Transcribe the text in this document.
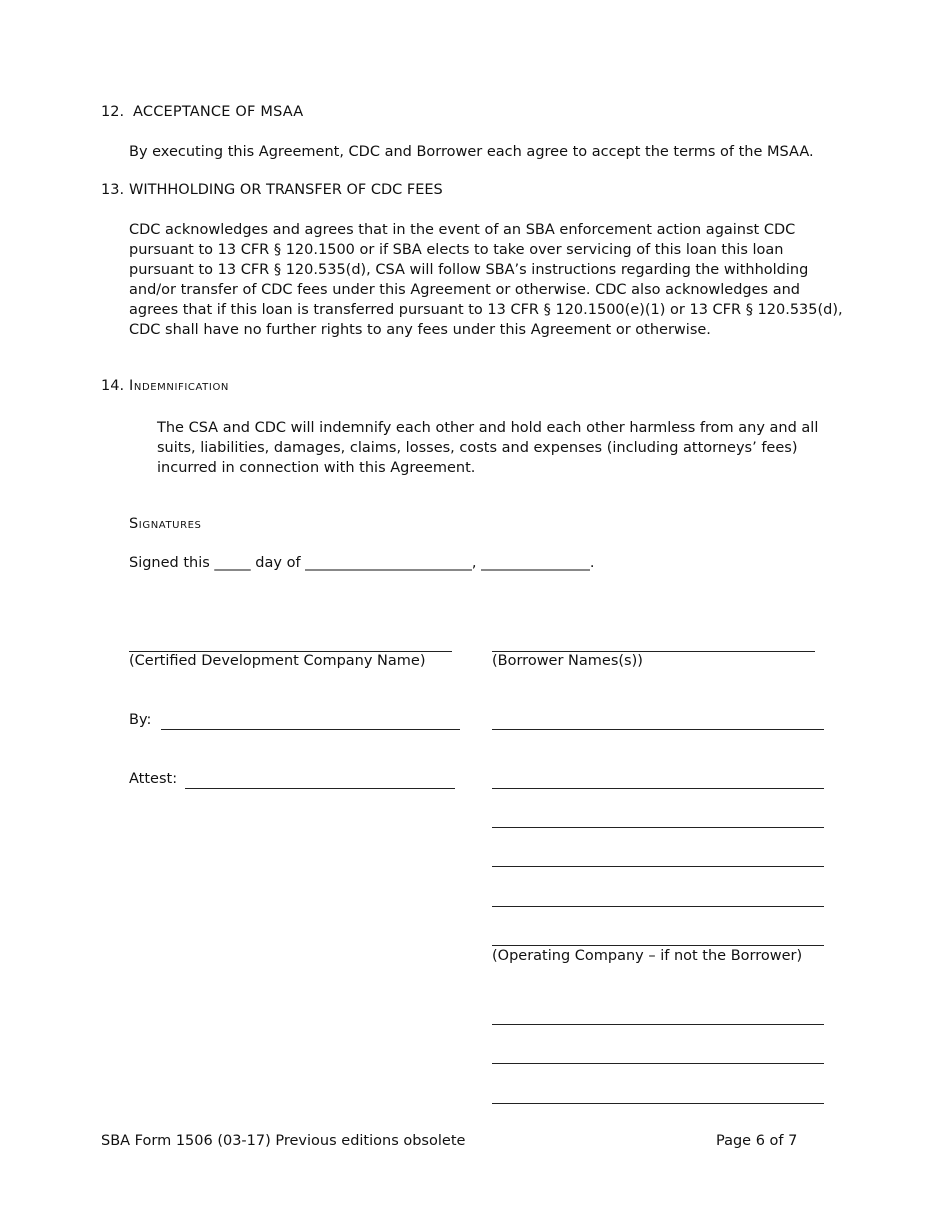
12. ACCEPTANCE OF MSAA
By executing this Agreement, CDC and Borrower each agree to accept the terms of the MSAA.
13. WITHHOLDING OR TRANSFER OF CDC FEES
CDC acknowledges and agrees that in the event of an SBA enforcement action against CDC pursuant to 13 CFR § 120.1500 or if SBA elects to take over servicing of this loan this loan pursuant to 13 CFR § 120.535(d), CSA will follow SBA’s instructions regarding the withholding and/or transfer of CDC fees under this Agreement or otherwise. CDC also acknowledges and agrees that if this loan is transferred pursuant to 13 CFR § 120.1500(e)(1) or 13 CFR § 120.535(d), CDC shall have no further rights to any fees under this Agreement or otherwise.
14. Indemnification
The CSA and CDC will indemnify each other and hold each other harmless from any and all suits, liabilities, damages, claims, losses, costs and expenses (including attorneys’ fees) incurred in connection with this Agreement.
Signatures
Signed this _____ day of _______________________, _______________.
(Certified Development Company Name)
By:
Attest:
(Borrower Names(s))
(Operating Company – if not the Borrower)
SBA Form 1506 (03-17) Previous editions obsolete	Page 6 of 7
